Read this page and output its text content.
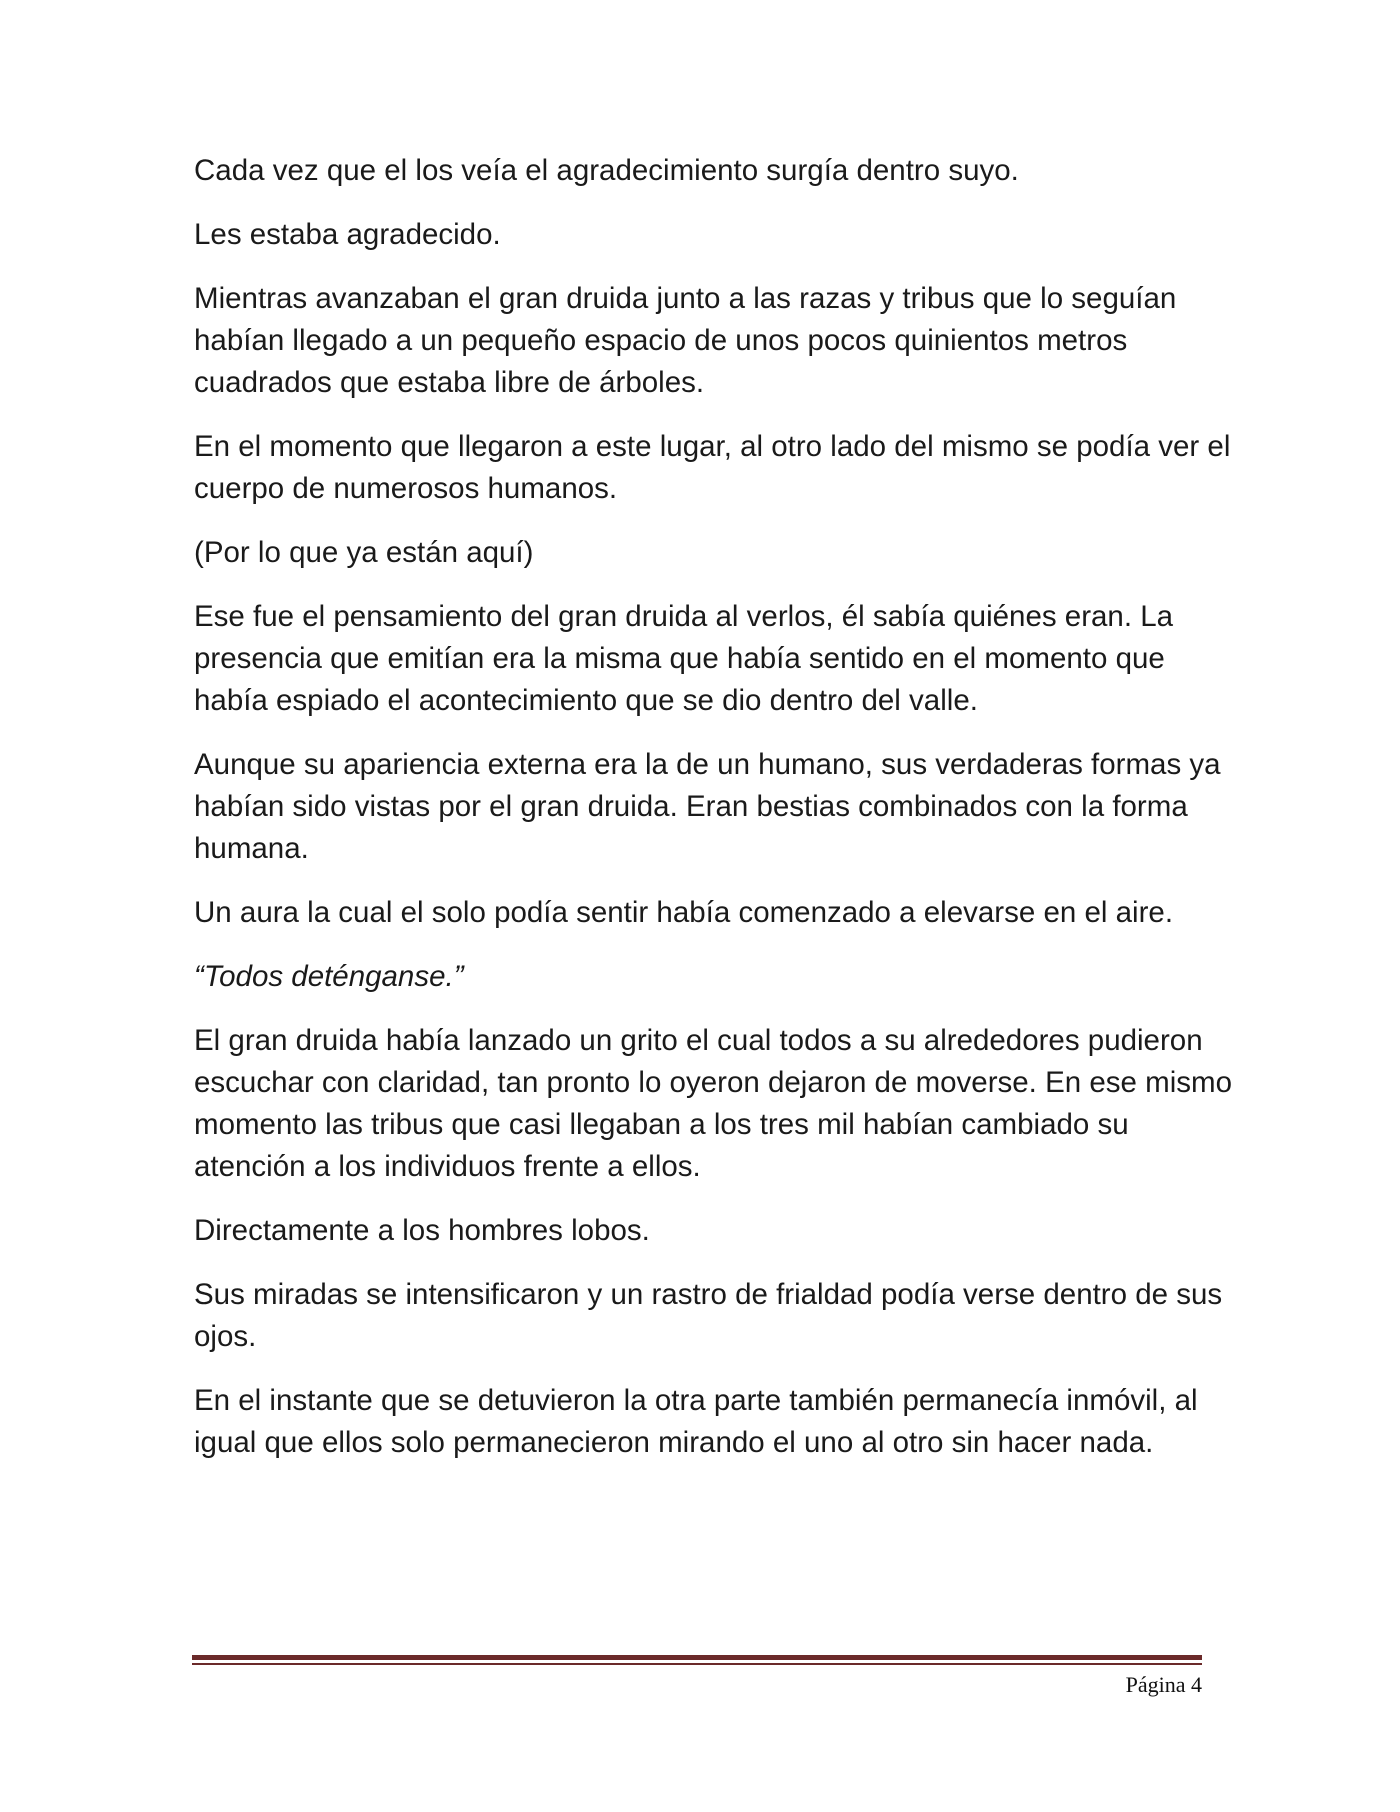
Cada vez que el los veía el agradecimiento surgía dentro suyo.

Les estaba agradecido.

Mientras avanzaban el gran druida junto a las razas y tribus que lo seguían habían llegado a un pequeño espacio de unos pocos quinientos metros cuadrados que estaba libre de árboles.

En el momento que llegaron a este lugar, al otro lado del mismo se podía ver el cuerpo de numerosos humanos.

(Por lo que ya están aquí)

Ese fue el pensamiento del gran druida al verlos, él sabía quiénes eran. La presencia que emitían era la misma que había sentido en el momento que había espiado el acontecimiento que se dio dentro del valle.

Aunque su apariencia externa era la de un humano, sus verdaderas formas ya habían sido vistas por el gran druida. Eran bestias combinados con la forma humana.

Un aura la cual el solo podía sentir había comenzado a elevarse en el aire.

“Todos deténganse.”

El gran druida había lanzado un grito el cual todos a su alrededores pudieron escuchar con claridad, tan pronto lo oyeron dejaron de moverse. En ese mismo momento las tribus que casi llegaban a los tres mil habían cambiado su atención a los individuos frente a ellos.

Directamente a los hombres lobos.

Sus miradas se intensificaron y un rastro de frialdad podía verse dentro de sus ojos.

En el instante que se detuvieron la otra parte también permanecía inmóvil, al igual que ellos solo permanecieron mirando el uno al otro sin hacer nada.

Página 4
